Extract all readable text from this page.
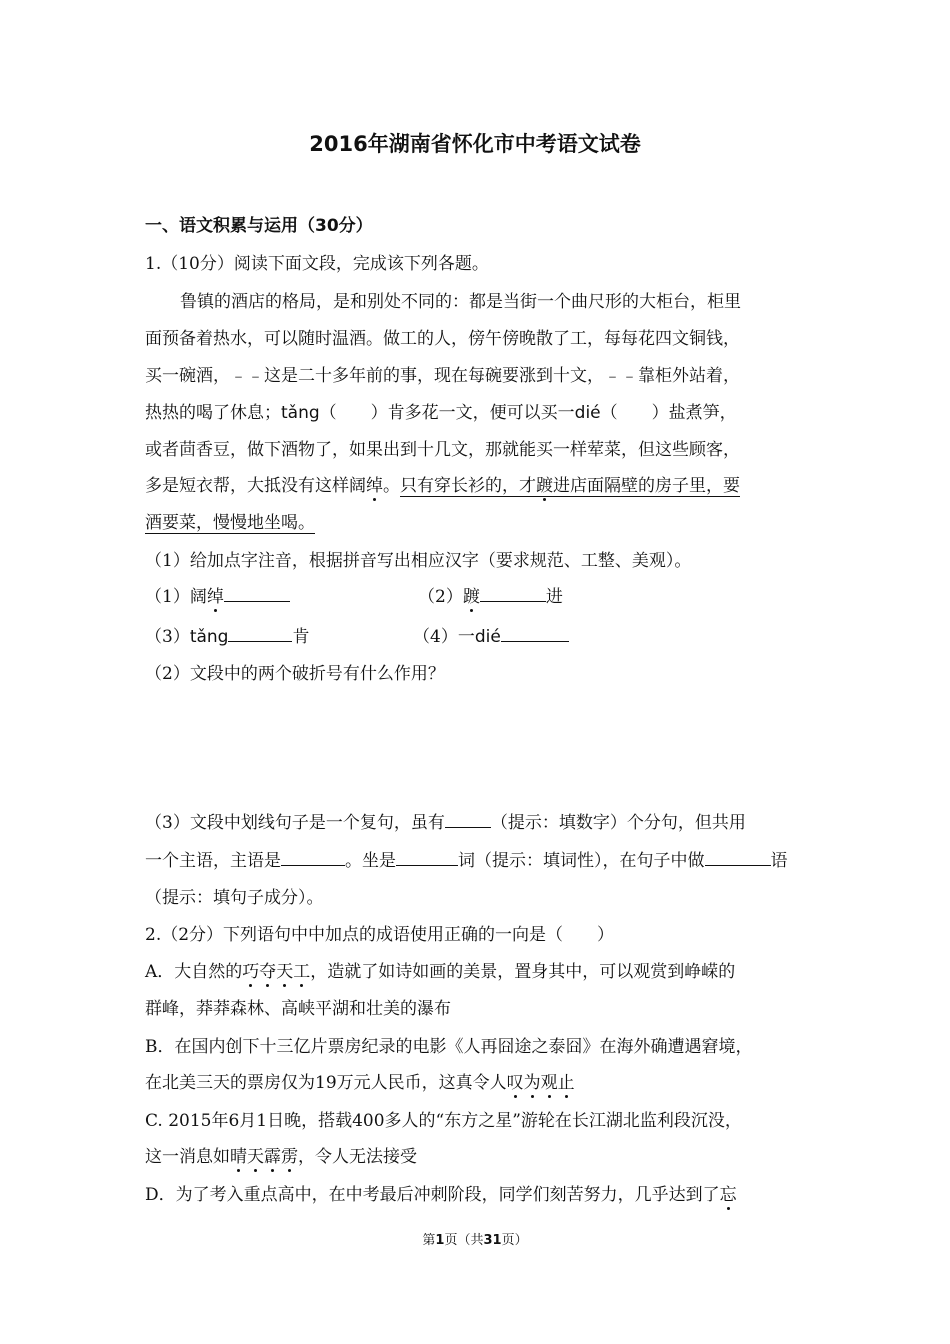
2016年湖南省怀化市中考语文试卷
一、语文积累与运用（30分）
1.（10分）阅读下面文段，完成该下列各题。
鲁镇的酒店的格局，是和别处不同的：都是当街一个曲尺形的大柜台，柜里
面预备着热水，可以随时温酒。做工的人，傍午傍晚散了工，每每花四文铜钱，
买一碗酒，﹣﹣这是二十多年前的事，现在每碗要涨到十文，﹣﹣靠柜外站着，
热热的喝了休息；tǎng（　　）肯多花一文，便可以买一dié（　　）盐煮笋，
或者茴香豆，做下酒物了，如果出到十几文，那就能买一样荤菜，但这些顾客，
多是短衣帮，大抵没有这样阔绰。只有穿长衫的，才踱进店面隔壁的房子里，要
酒要菜，慢慢地坐喝。
（1）给加点字注音，根据拼音写出相应汉字（要求规范、工整、美观）。
（1）阔绰	（2）踱	进
（3）tǎng	肯	（4）一dié
（2）文段中的两个破折号有什么作用？
（3）文段中划线句子是一个复句，虽有	（提示：填数字）个分句，但共用
一个主语，主语是	。坐是	词（提示：填词性），在句子中做	语
（提示：填句子成分）。
2.（2分）下列语句中中加点的成语使用正确的一向是（　　）
A．大自然的巧夺天工，造就了如诗如画的美景，置身其中，可以观赏到峥嵘的
群峰，莽莽森林、高峡平湖和壮美的瀑布
B．在国内创下十三亿片票房纪录的电影《人再囧途之泰囧》在海外确遭遇窘境，
在北美三天的票房仅为19万元人民币，这真令人叹为观止
C. 2015年6月1日晚，搭载400多人的“东方之星”游轮在长江湖北监利段沉没，
这一消息如晴天霹雳，令人无法接受
D．为了考入重点高中，在中考最后冲刺阶段，同学们刻苦努力，几乎达到了忘
第1页（共31页）
